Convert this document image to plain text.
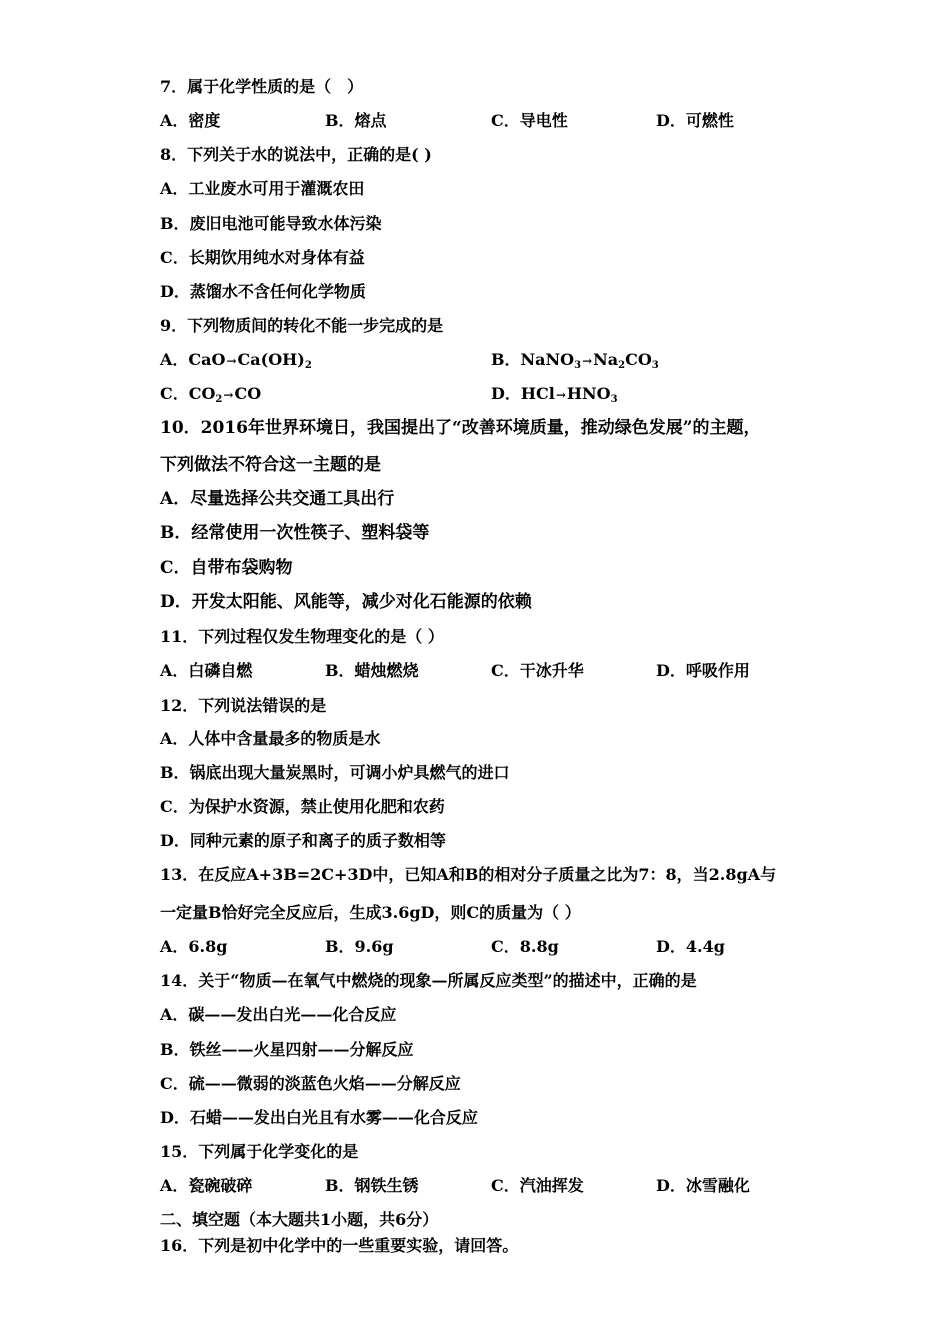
7．属于化学性质的是（　）
A．密度	B．熔点	C．导电性	D．可燃性
8．下列关于水的说法中，正确的是( )
A．工业废水可用于灌溉农田
B．废旧电池可能导致水体污染
C．长期饮用纯水对身体有益
D．蒸馏水不含任何化学物质
9．下列物质间的转化不能一步完成的是
A．$CaO\to Ca(OH)_2$	B．$NaNO_3\to Na_2CO_3$
C．$CO_2\to CO$	D．$HCl\to HNO_3$
10．2016年世界环境日，我国提出了“改善环境质量，推动绿色发展”的主题，
下列做法不符合这一主题的是
A．尽量选择公共交通工具出行
B．经常使用一次性筷子、塑料袋等
C．自带布袋购物
D．开发太阳能、风能等，减少对化石能源的依赖
11．下列过程仅发生物理变化的是（ ）
A．白磷自燃	B．蜡烛燃烧	C．干冰升华	D．呼吸作用
12．下列说法错误的是
A．人体中含量最多的物质是水
B．锅底出现大量炭黑时，可调小炉具燃气的进口
C．为保护水资源，禁止使用化肥和农药
D．同种元素的原子和离子的质子数相等
13．在反应A+3B=2C+3D中，已知A和B的相对分子质量之比为7：8，当2.8gA与
一定量B恰好完全反应后，生成3.6gD，则C的质量为（ ）
A．6.8g	B．9.6g	C．8.8g	D．4.4g
14．关于“物质—在氧气中燃烧的现象—所属反应类型”的描述中，正确的是
A．碳——发出白光——化合反应
B．铁丝——火星四射——分解反应
C．硫——微弱的淡蓝色火焰——分解反应
D．石蜡——发出白光且有水雾——化合反应
15．下列属于化学变化的是
A．瓷碗破碎	B．钢铁生锈	C．汽油挥发	D．冰雪融化
二、填空题（本大题共1小题，共6分）
16．下列是初中化学中的一些重要实验，请回答。
